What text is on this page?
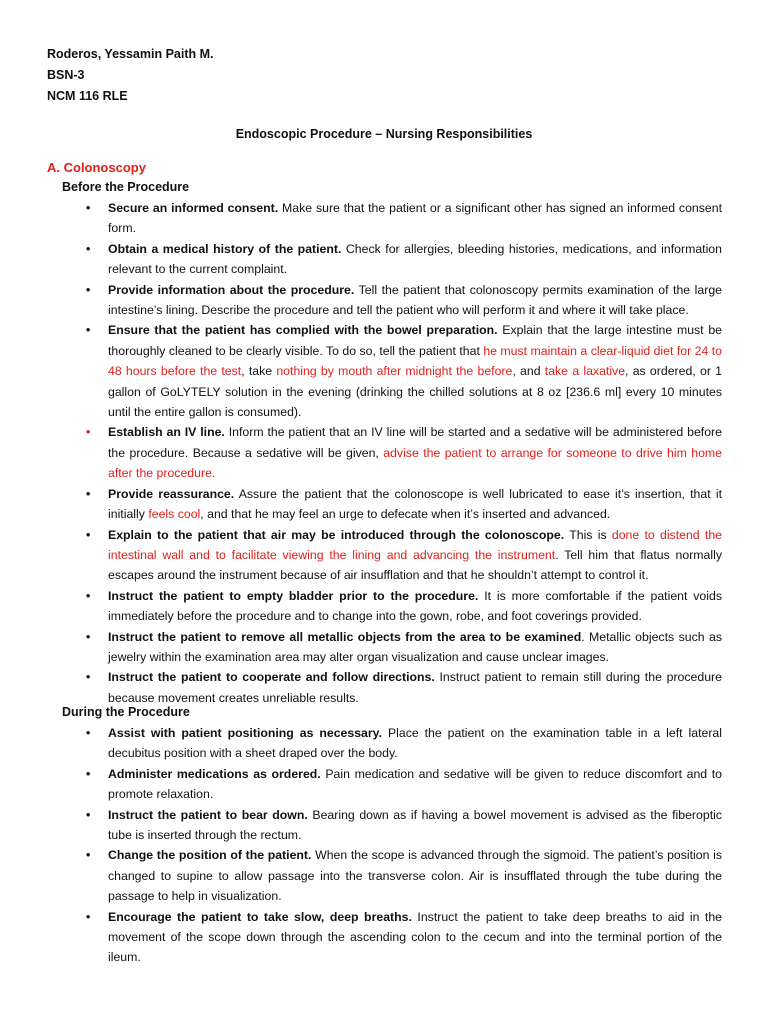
Roderos, Yessamin Paith M.
BSN-3
NCM 116 RLE
Endoscopic Procedure – Nursing Responsibilities
A. Colonoscopy
Before the Procedure
• Secure an informed consent. Make sure that the patient or a significant other has signed an informed consent form.
• Obtain a medical history of the patient. Check for allergies, bleeding histories, medications, and information relevant to the current complaint.
• Provide information about the procedure. Tell the patient that colonoscopy permits examination of the large intestine’s lining. Describe the procedure and tell the patient who will perform it and where it will take place.
• Ensure that the patient has complied with the bowel preparation. Explain that the large intestine must be thoroughly cleaned to be clearly visible. To do so, tell the patient that he must maintain a clear-liquid diet for 24 to 48 hours before the test, take nothing by mouth after midnight the before, and take a laxative, as ordered, or 1 gallon of GoLYTELY solution in the evening (drinking the chilled solutions at 8 oz [236.6 ml] every 10 minutes until the entire gallon is consumed).
• Establish an IV line. Inform the patient that an IV line will be started and a sedative will be administered before the procedure. Because a sedative will be given, advise the patient to arrange for someone to drive him home after the procedure.
• Provide reassurance. Assure the patient that the colonoscope is well lubricated to ease it’s insertion, that it initially feels cool, and that he may feel an urge to defecate when it’s inserted and advanced.
• Explain to the patient that air may be introduced through the colonoscope. This is done to distend the intestinal wall and to facilitate viewing the lining and advancing the instrument. Tell him that flatus normally escapes around the instrument because of air insufflation and that he shouldn’t attempt to control it.
• Instruct the patient to empty bladder prior to the procedure. It is more comfortable if the patient voids immediately before the procedure and to change into the gown, robe, and foot coverings provided.
• Instruct the patient to remove all metallic objects from the area to be examined. Metallic objects such as jewelry within the examination area may alter organ visualization and cause unclear images.
• Instruct the patient to cooperate and follow directions. Instruct patient to remain still during the procedure because movement creates unreliable results.
During the Procedure
• Assist with patient positioning as necessary. Place the patient on the examination table in a left lateral decubitus position with a sheet draped over the body.
• Administer medications as ordered. Pain medication and sedative will be given to reduce discomfort and to promote relaxation.
• Instruct the patient to bear down. Bearing down as if having a bowel movement is advised as the fiberoptic tube is inserted through the rectum.
• Change the position of the patient. When the scope is advanced through the sigmoid. The patient’s position is changed to supine to allow passage into the transverse colon. Air is insufflated through the tube during the passage to help in visualization.
• Encourage the patient to take slow, deep breaths. Instruct the patient to take deep breaths to aid in the movement of the scope down through the ascending colon to the cecum and into the terminal portion of the ileum.
